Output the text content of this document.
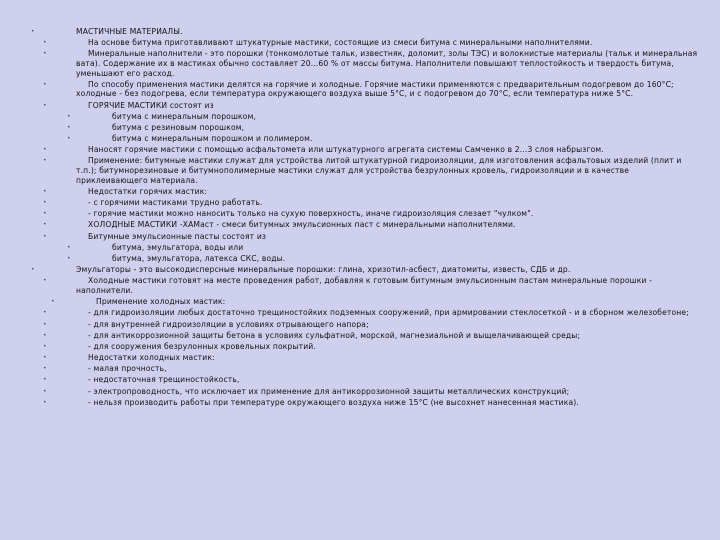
• МАСТИЧНЫЕ МАТЕРИАЛЫ.
• На основе битума приготавливают штукатурные мастики, состоящие из смеси битума с минеральными наполнителями.
• Минеральные наполнители - это порошки (тонкомолотые тальк, известняк, доломит, золы ТЭС) и волокнистые материалы (тальк и минеральная вата). Содержание их в мастиках обычно составляет 20...60 % от массы битума. Наполнители повышают теплостойкость и твердость битума, уменьшают его расход.
• По способу применения мастики делятся на горячие и холодные. Горячие мастики применяются с предварительным подогревом до 160°С; холодные - без подогрева, если температура окружающего воздуха выше 5°С, и с подогревом до 70°С, если температура ниже 5°С.
• ГОРЯЧИЕ МАСТИКИ состоят из
• битума с минеральным порошком,
• битума с резиновым порошком,
• битума с минеральным порошком и полимером.
• Наносят горячие мастики с помощью асфальтомета или штукатурного агрегата системы Самченко в 2...3 слоя набрызгом.
• Применение: битумные мастики служат для устройства литой штукатурной гидроизоляции, для изготовления асфальтовых изделий (плит и т.п.); битумнорезиновые и битумнополимерные мастики служат для устройства безрулонных кровель, гидроизоляции и в качестве приклеивающего материала.
• Недостатки горячих мастик:
• - с горячими мастиками трудно работать.
• - горячие мастики можно наносить только на сухую поверхность, иначе гидроизоляция слезает "чулком".
• ХОЛОДНЫЕ МАСТИКИ -ХАМаст - смеси битумных эмульсионных паст с минеральными наполнителями.
• Битумные эмульсионные пасты состоят из
• битума, эмульгатора, воды или
• битума, эмульгатора, латекса СКС, воды.
• Эмульгаторы - это высокодисперсные минеральные порошки: глина, хризотил-асбест, диатомиты, известь, СДБ и др.
• Холодные мастики готовят на месте проведения работ, добавляя к готовым битумным эмульсионным пастам минеральные порошки - наполнители.
• Применение холодных мастик:
• - для гидроизоляции любых достаточно трещиностойких подземных сооружений, при армировании стеклосеткой - и в сборном железобетоне;
• - для внутренней гидроизоляции в условиях отрывающего напора;
• - для антикоррозионной защиты бетона в условиях сульфатной, морской, магнезиальной и выщелачивающей среды;
• - для сооружения безрулонных кровельных покрытий.
• Недостатки холодных мастик:
• - малая прочность,
• - недостаточная трещиностойкость,
• - электропроводность, что исключает их применение для антикоррозионной защиты металлических конструкций;
• - нельзя производить работы при температуре окружающего воздуха ниже 15°С (не высохнет нанесенная мастика).
